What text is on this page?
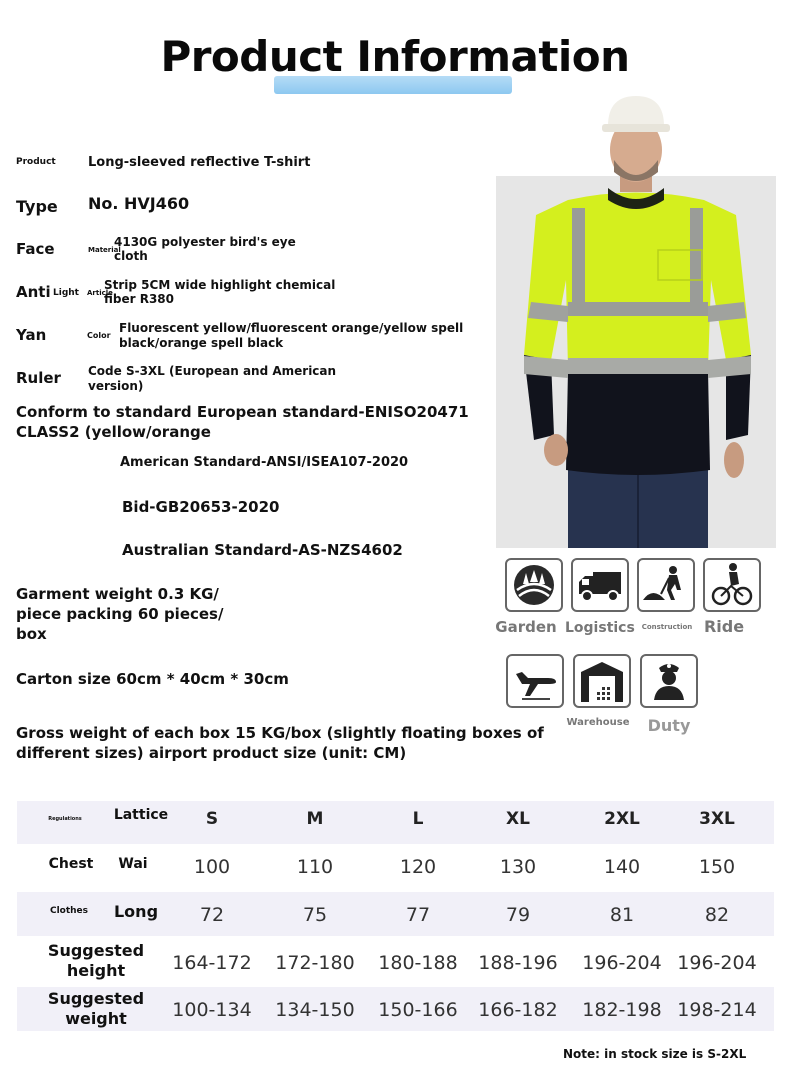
Product Information
Product Long-sleeved reflective T-shirt
Type No. HVJ460
Face	Material
4130G polyester bird's eye
cloth
Anti Light Article
Strip 5CM wide highlight chemical
fiber R380
Yan	Color
Fluorescent yellow/fluorescent orange/yellow spell
black/orange spell black
Ruler Code S-3XL (European and American
version)
Conform to standard European standard-ENISO20471
CLASS2 (yellow/orange
American Standard-ANSI/ISEA107-2020
Bid-GB20653-2020
Australian Standard-AS-NZS4602
Garment weight 0.3 KG/
piece packing 60 pieces/
box
Carton size 60cm * 40cm * 30cm
Gross weight of each box 15 KG/box (slightly floating boxes of
different sizes) airport product size (unit: CM)
Garden Logistics Construction Ride
Warehouse	Duty
Regulations Lattice	S	M	L	XL	2XL	3XL
Chest	Wai	100	110	120	130	140	150
Clothes	Long	72	75	77	79	81	82
Suggested
height	164-172 172-180 180-188 188-196 196-204 196-204
Suggested
weight	100-134 134-150 150-166 166-182 182-198 198-214
Note: in stock size is S-2XL
